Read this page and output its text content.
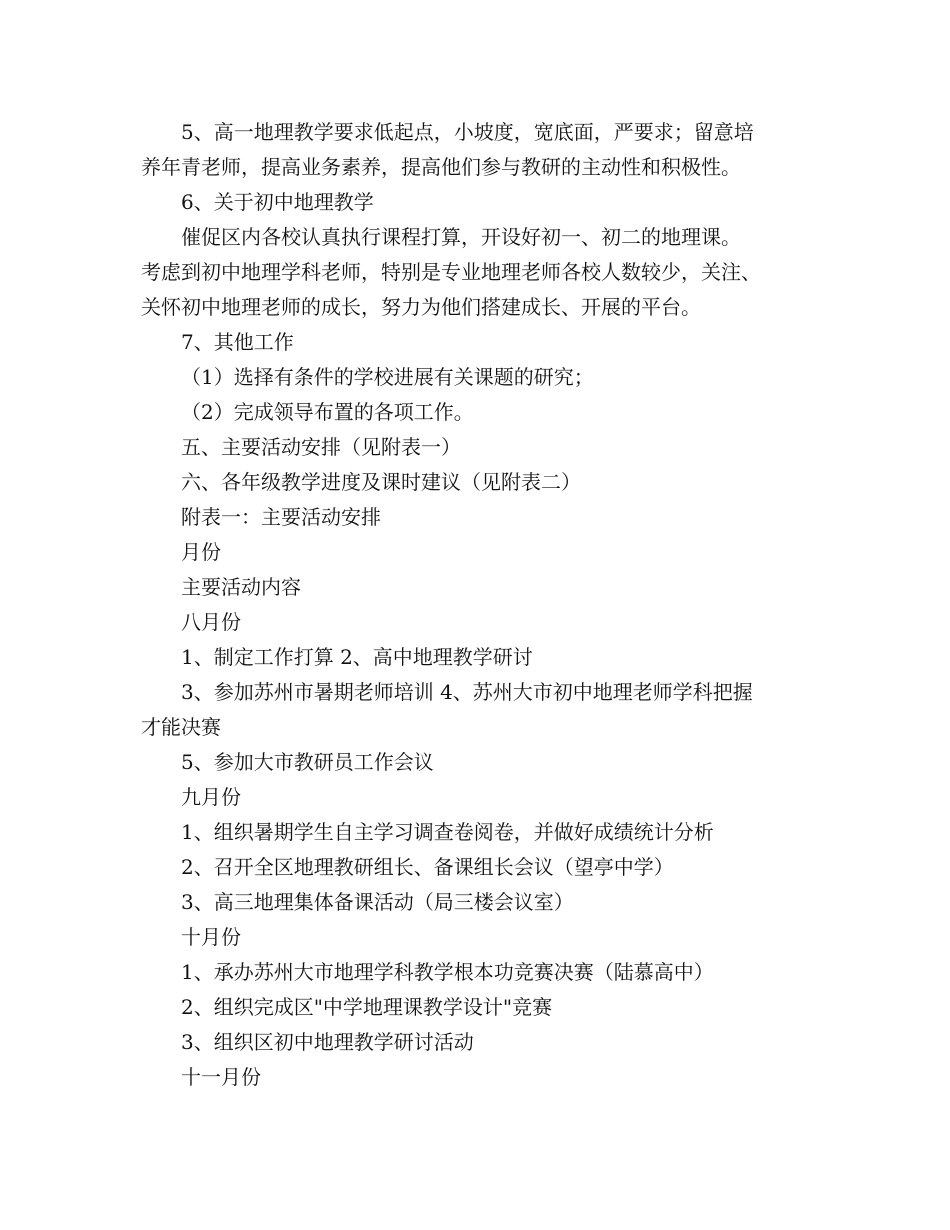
5、高一地理教学要求低起点，小坡度，宽底面，严要求；留意培
养年青老师，提高业务素养，提高他们参与教研的主动性和积极性。
6、关于初中地理教学
催促区内各校认真执行课程打算，开设好初一、初二的地理课。
考虑到初中地理学科老师，特别是专业地理老师各校人数较少，关注、
关怀初中地理老师的成长，努力为他们搭建成长、开展的平台。
7、其他工作
（1）选择有条件的学校进展有关课题的研究；
（2）完成领导布置的各项工作。
五、主要活动安排（见附表一）
六、各年级教学进度及课时建议（见附表二）
附表一：主要活动安排
月份
主要活动内容
八月份
1、制定工作打算 2、高中地理教学研讨
3、参加苏州市暑期老师培训 4、苏州大市初中地理老师学科把握
才能决赛
5、参加大市教研员工作会议
九月份
1、组织暑期学生自主学习调查卷阅卷，并做好成绩统计分析
2、召开全区地理教研组长、备课组长会议（望亭中学）
3、高三地理集体备课活动（局三楼会议室）
十月份
1、承办苏州大市地理学科教学根本功竞赛决赛（陆慕高中）
2、组织完成区"中学地理课教学设计"竞赛
3、组织区初中地理教学研讨活动
十一月份
